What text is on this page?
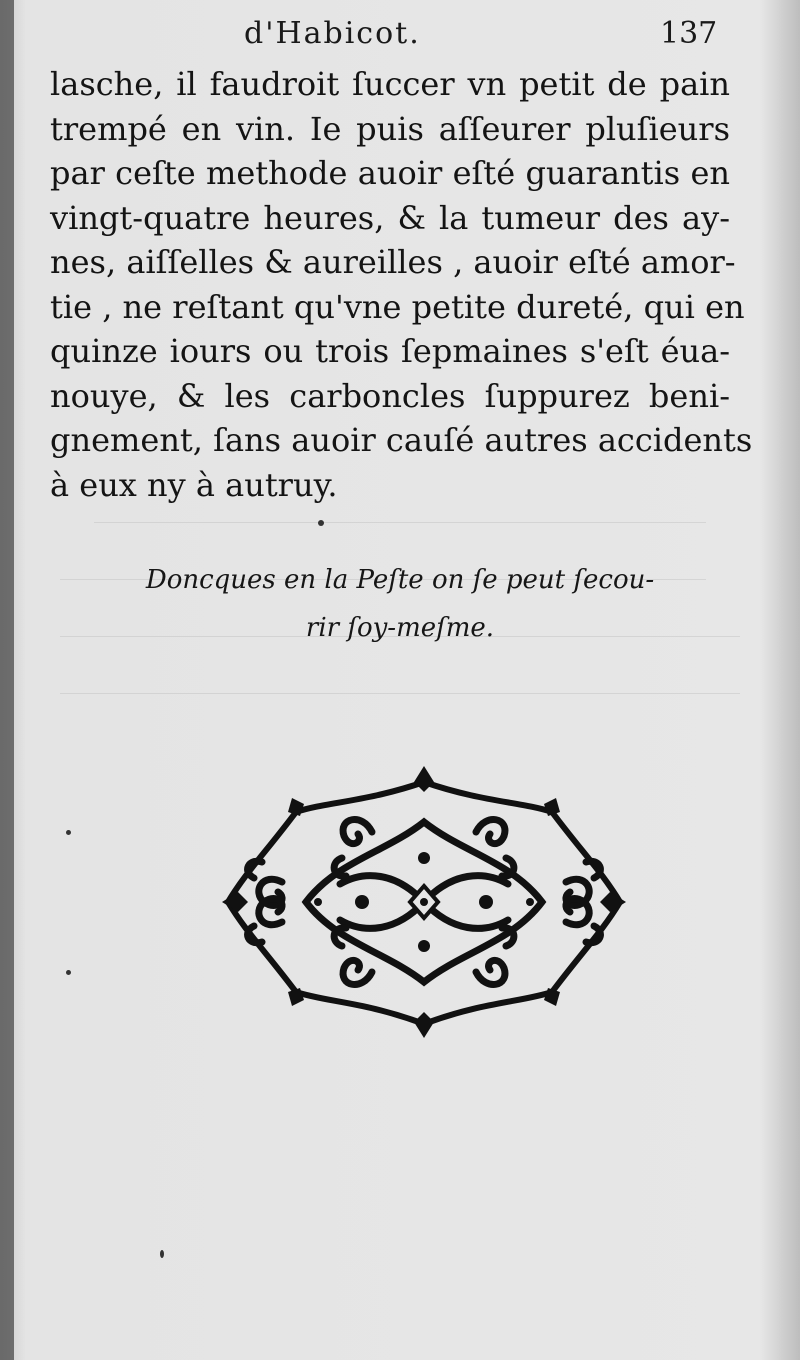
d'Habicot.	137
lasche, il faudroit ſuccer vn petit de pain
trempé en vin. Ie puis aſſeurer pluſieurs
par ceſte methode auoir eſté guarantis en
vingt-quatre heures, & la tumeur des ay-
nes, aiſſelles & aureilles , auoir eſté amor-
tie , ne reſtant qu'vne petite dureté, qui en
quinze iours ou trois ſepmaines s'eſt éua-
nouye, & les carboncles ſuppurez beni-
gnement, ſans auoir cauſé autres accidents
à eux ny à autruy.
Doncques en la Peſte on ſe peut ſecou-
rir ſoy-meſme.
